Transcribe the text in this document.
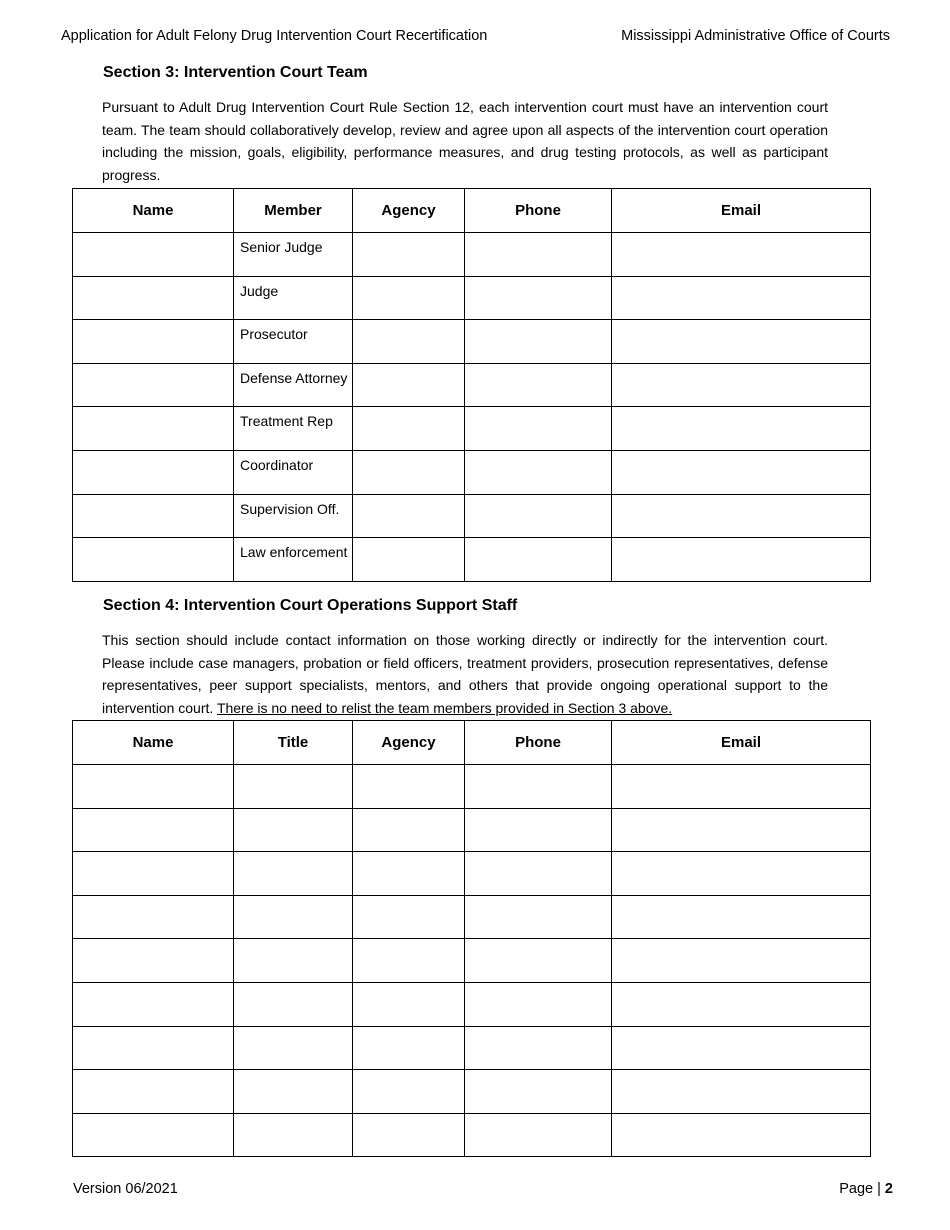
Application for Adult Felony Drug Intervention Court Recertification	Mississippi Administrative Office of Courts
Section 3: Intervention Court Team

Pursuant to Adult Drug Intervention Court Rule Section 12, each intervention court must have an intervention court team. The team should collaboratively develop, review and agree upon all aspects of the intervention court operation including the mission, goals, eligibility, performance measures, and drug testing protocols, as well as participant progress.

Name	Member	Agency	Phone	Email
	Senior Judge			
	Judge			
	Prosecutor			
	Defense Attorney			
	Treatment Rep			
	Coordinator			
	Supervision Off.			
	Law enforcement			
Section 4: Intervention Court Operations Support Staff

This section should include contact information on those working directly or indirectly for the intervention court. Please include case managers, probation or field officers, treatment providers, prosecution representatives, defense representatives, peer support specialists, mentors, and others that provide ongoing operational support to the intervention court. There is no need to relist the team members provided in Section 3 above.

Name	Title	Agency	Phone	Email

Version 06/2021	Page | 2
